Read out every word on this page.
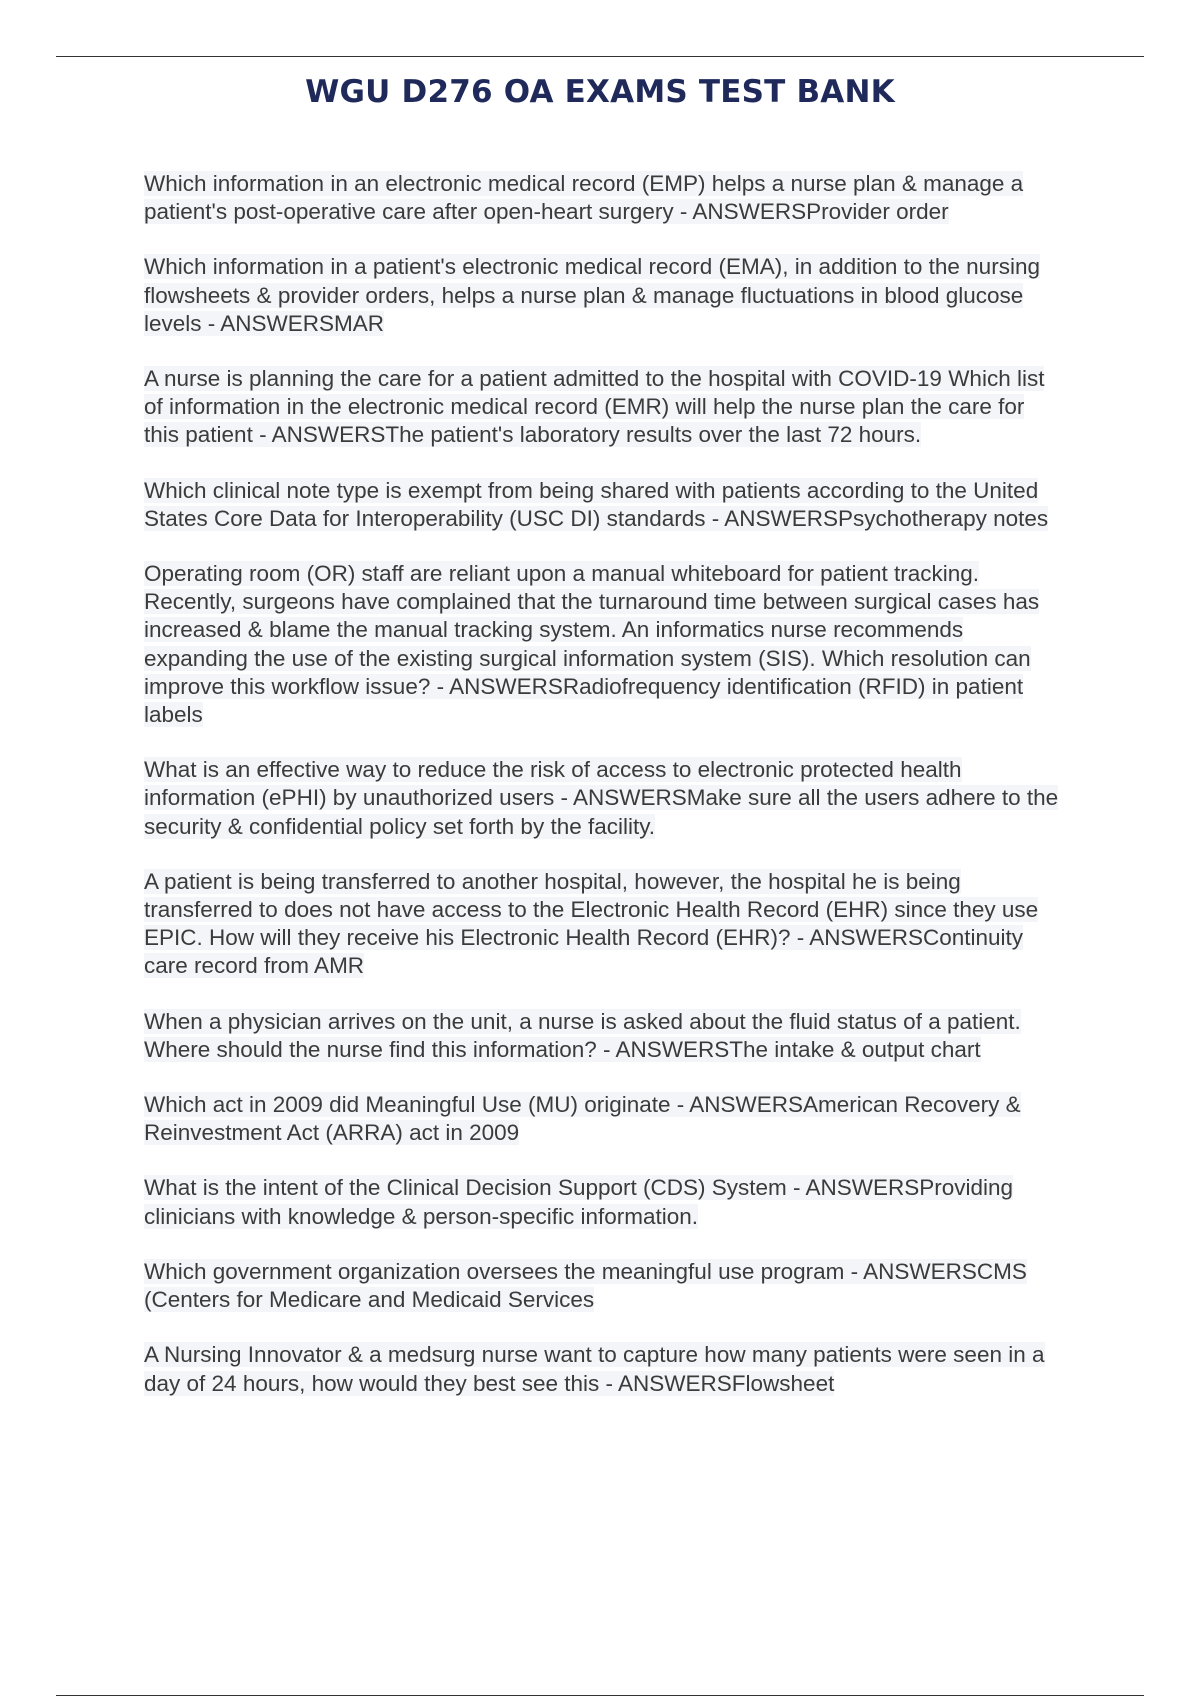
WGU D276 OA EXAMS TEST BANK

Which information in an electronic medical record (EMP) helps a nurse plan & manage a patient's post-operative care after open-heart surgery - ANSWERSProvider order

Which information in a patient's electronic medical record (EMA), in addition to the nursing flowsheets & provider orders, helps a nurse plan & manage fluctuations in blood glucose levels - ANSWERSMAR

A nurse is planning the care for a patient admitted to the hospital with COVID-19 Which list of information in the electronic medical record (EMR) will help the nurse plan the care for this patient - ANSWERSThe patient's laboratory results over the last 72 hours.

Which clinical note type is exempt from being shared with patients according to the United States Core Data for Interoperability (USC DI) standards - ANSWERSPsychotherapy notes

Operating room (OR) staff are reliant upon a manual whiteboard for patient tracking. Recently, surgeons have complained that the turnaround time between surgical cases has increased & blame the manual tracking system. An informatics nurse recommends expanding the use of the existing surgical information system (SIS). Which resolution can improve this workflow issue? - ANSWERSRadiofrequency identification (RFID) in patient labels

What is an effective way to reduce the risk of access to electronic protected health information (ePHI) by unauthorized users - ANSWERSMake sure all the users adhere to the security & confidential policy set forth by the facility.

A patient is being transferred to another hospital, however, the hospital he is being transferred to does not have access to the Electronic Health Record (EHR) since they use EPIC. How will they receive his Electronic Health Record (EHR)? - ANSWERSContinuity care record from AMR

When a physician arrives on the unit, a nurse is asked about the fluid status of a patient. Where should the nurse find this information? - ANSWERSThe intake & output chart

Which act in 2009 did Meaningful Use (MU) originate - ANSWERSAmerican Recovery & Reinvestment Act (ARRA) act in 2009

What is the intent of the Clinical Decision Support (CDS) System - ANSWERSProviding clinicians with knowledge & person-specific information.

Which government organization oversees the meaningful use program - ANSWERSCMS (Centers for Medicare and Medicaid Services

A Nursing Innovator & a medsurg nurse want to capture how many patients were seen in a day of 24 hours, how would they best see this - ANSWERSFlowsheet
